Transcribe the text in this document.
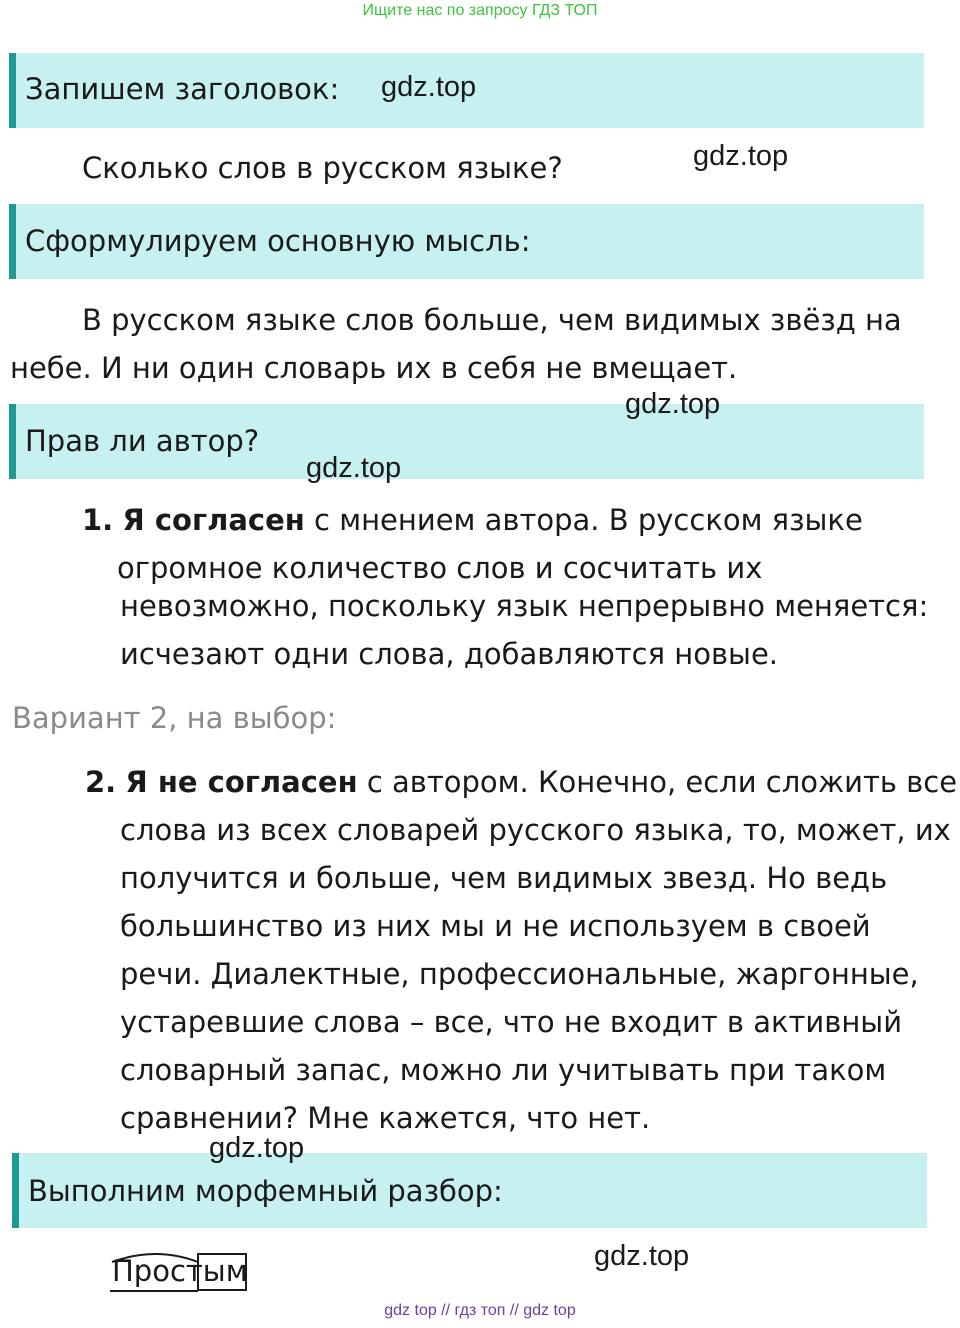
Ищите нас по запросу ГДЗ ТОП
Запишем заголовок: gdz.top
Сколько слов в русском языке?	gdz.top
Сформулируем основную мысль:
В русском языке слов больше, чем видимых звёзд на
небе. И ни один словарь их в себя не вмещает.
Прав ли автор?
gdz.top
gdz.top
1. Я согласен с мнением автора. В русском языке
огромное количество слов и сосчитать их
невозможно, поскольку язык непрерывно меняется:
исчезают одни слова, добавляются новые.
Вариант 2, на выбор:
2. Я не согласен с автором. Конечно, если сложить все
слова из всех словарей русского языка, то, может, их
получится и больше, чем видимых звезд. Но ведь
большинство из них мы и не используем в своей
речи. Диалектные, профессиональные, жаргонные,
устаревшие слова – все, что не входит в активный
словарный запас, можно ли учитывать при таком
сравнении? Мне кажется, что нет.
Выполним морфемный разбор:
gdz.top
Простым	gdz.top
gdz top // гдз топ // gdz top
